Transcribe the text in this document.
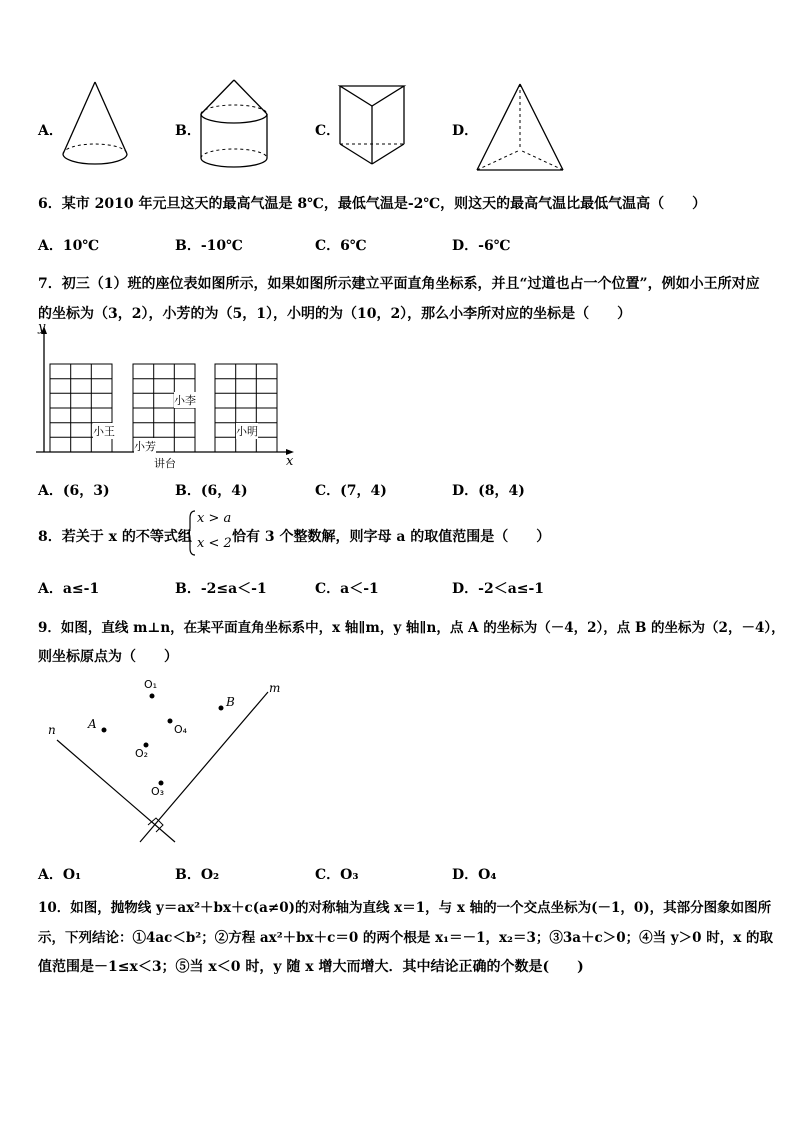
A．	B．	C．	D．
6．某市 2010 年元旦这天的最高气温是 8℃，最低气温是-2℃，则这天的最高气温比最低气温高（　　）
A．10℃	B．-10℃	C．6℃	D．-6℃
7．初三（1）班的座位表如图所示，如果如图所示建立平面直角坐标系，并且“过道也占一个位置”，例如小王所对应
的坐标为（3，2），小芳的为（5，1），小明的为（10，2），那么小李所对应的坐标是（　　）
y
x
小王
小芳
小李
小明
讲台
A．(6，3)	B．(6，4)	C．(7，4)	D．(8，4)
8．若关于 x 的不等式组
x > a
x < 2 恰有 3 个整数解，则字母 a 的取值范围是（　　）
A．a≤-1	B．-2≤a＜-1	C．a＜-1	D．-2＜a≤-1
9．如图，直线 m⊥n，在某平面直角坐标系中，x 轴∥m，y 轴∥n，点 A 的坐标为（－4，2），点 B 的坐标为（2，－4），
则坐标原点为（　　）
n
m
A
B
O₁
O₄
O₂
O₃
A．O₁	B．O₂	C．O₃	D．O₄
10．如图，抛物线 y＝ax²＋bx＋c(a≠0)的对称轴为直线 x＝1，与 x 轴的一个交点坐标为(－1，0)，其部分图象如图所
示，下列结论：①4ac＜b²；②方程 ax²＋bx＋c＝0 的两个根是 x₁＝－1，x₂＝3；③3a＋c＞0；④当 y＞0 时，x 的取
值范围是－1≤x＜3；⑤当 x＜0 时，y 随 x 增大而增大．其中结论正确的个数是(　　)
